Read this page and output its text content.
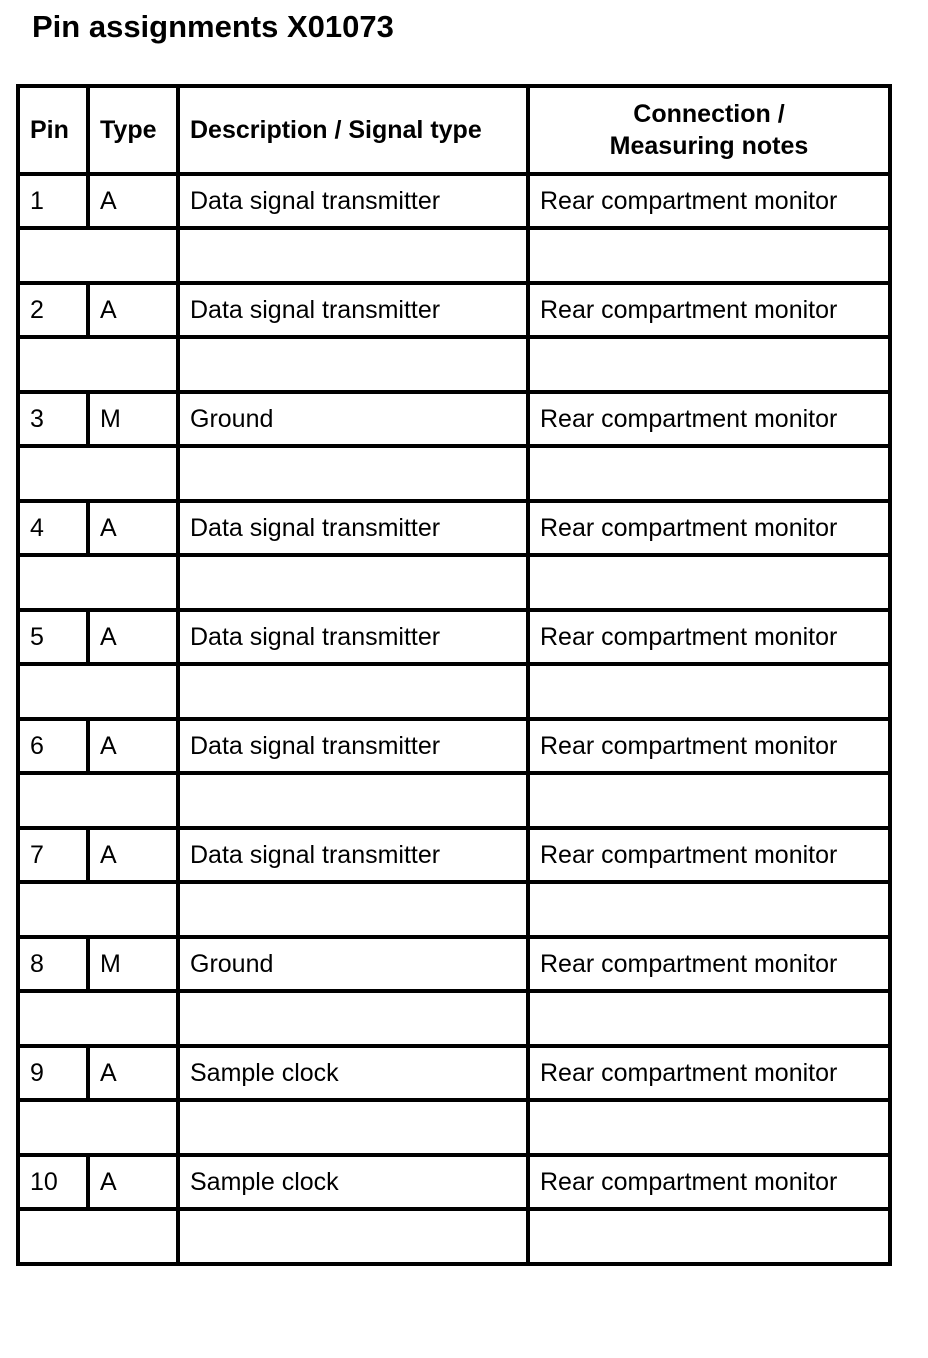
Pin assignments X01073
Pin	Type	Description / Signal type	Connection /
Measuring notes
1	A	Data signal transmitter	Rear compartment monitor

2	A	Data signal transmitter	Rear compartment monitor

3	M	Ground	Rear compartment monitor

4	A	Data signal transmitter	Rear compartment monitor

5	A	Data signal transmitter	Rear compartment monitor

6	A	Data signal transmitter	Rear compartment monitor

7	A	Data signal transmitter	Rear compartment monitor

8	M	Ground	Rear compartment monitor

9	A	Sample clock	Rear compartment monitor

10	A	Sample clock	Rear compartment monitor
